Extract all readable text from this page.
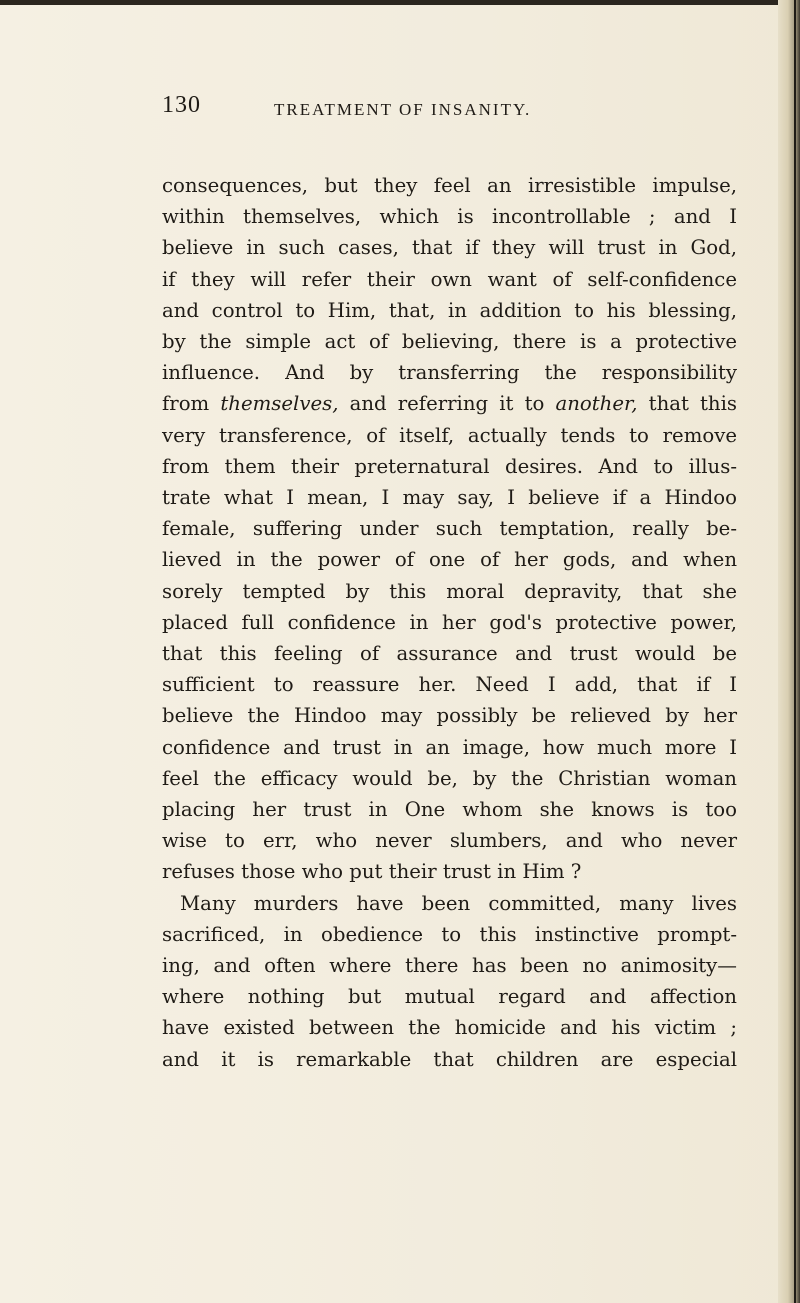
130	TREATMENT OF INSANITY.
consequences, but they feel an irresistible impulse,
within themselves, which is incontrollable ; and I
believe in such cases, that if they will trust in God,
if they will refer their own want of self-confidence
and control to Him, that, in addition to his blessing,
by the simple act of believing, there is a protective
influence. And by transferring the responsibility
from themselves, and referring it to another, that this
very transference, of itself, actually tends to remove
from them their preternatural desires. And to illus-
trate what I mean, I may say, I believe if a Hindoo
female, suffering under such temptation, really be-
lieved in the power of one of her gods, and when
sorely tempted by this moral depravity, that she
placed full confidence in her god's protective power,
that this feeling of assurance and trust would be
sufficient to reassure her. Need I add, that if I
believe the Hindoo may possibly be relieved by her
confidence and trust in an image, how much more I
feel the efficacy would be, by the Christian woman
placing her trust in One whom she knows is too
wise to err, who never slumbers, and who never
refuses those who put their trust in Him ?
Many murders have been committed, many lives
sacrificed, in obedience to this instinctive prompt-
ing, and often where there has been no animosity—
where nothing but mutual regard and affection
have existed between the homicide and his victim ;
and it is remarkable that children are especial
